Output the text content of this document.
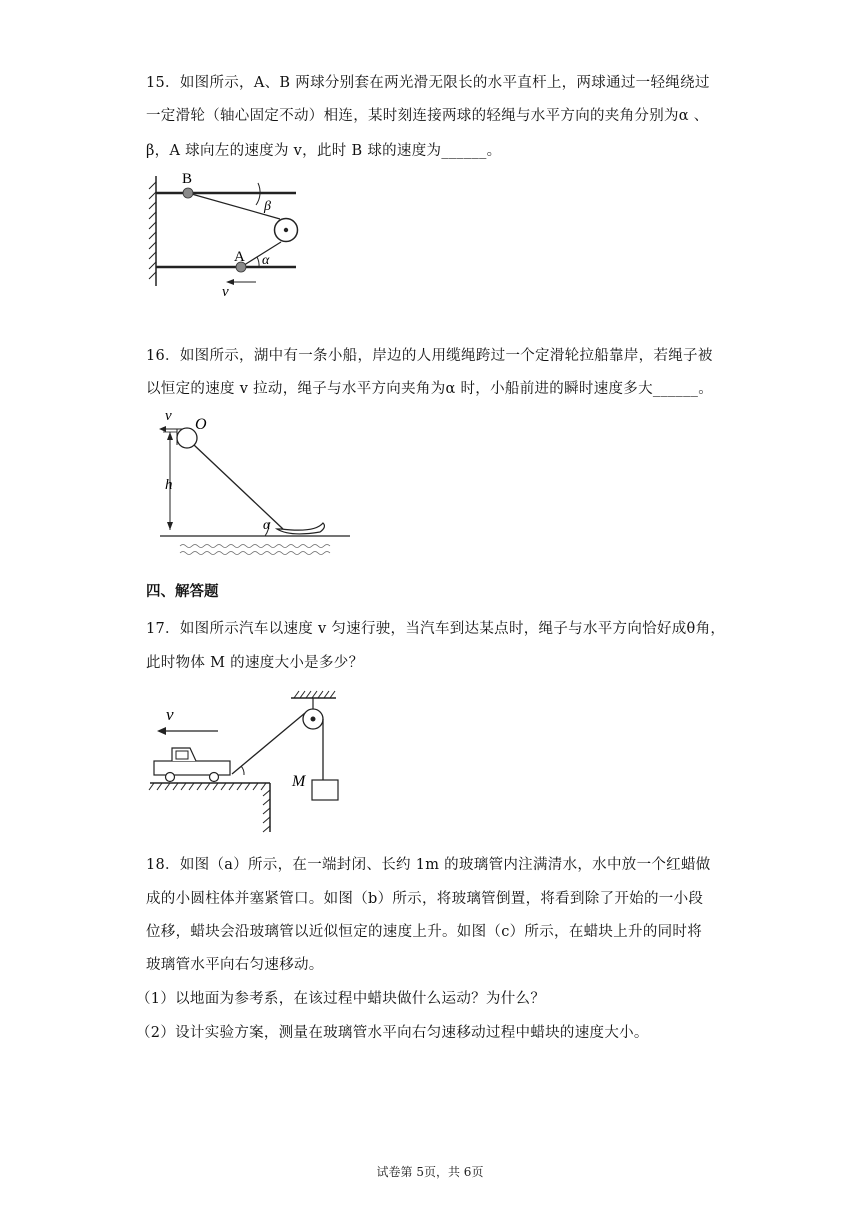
15．如图所示，A、B 两球分别套在两光滑无限长的水平直杆上，两球通过一轻绳绕过

一定滑轮（轴心固定不动）相连，某时刻连接两球的轻绳与水平方向的夹角分别为α 、

β，A 球向左的速度为 v，此时 B 球的速度为______。

B
A
β
α
v

16．如图所示，湖中有一条小船，岸边的人用缆绳跨过一个定滑轮拉船靠岸，若绳子被

以恒定的速度 v 拉动，绳子与水平方向夹角为α 时，小船前进的瞬时速度多大______。

v O
h
α
四、解答题

17．如图所示汽车以速度 v 匀速行驶，当汽车到达某点时，绳子与水平方向恰好成θ角，

此时物体 M 的速度大小是多少？

v
M

18．如图（a）所示，在一端封闭、长约 1m 的玻璃管内注满清水，水中放一个红蜡做

成的小圆柱体并塞紧管口。如图（b）所示，将玻璃管倒置，将看到除了开始的一小段

位移，蜡块会沿玻璃管以近似恒定的速度上升。如图（c）所示，在蜡块上升的同时将

玻璃管水平向右匀速移动。

（1）以地面为参考系，在该过程中蜡块做什么运动？为什么？

（2）设计实验方案，测量在玻璃管水平向右匀速移动过程中蜡块的速度大小。

试卷第 5页，共 6页
